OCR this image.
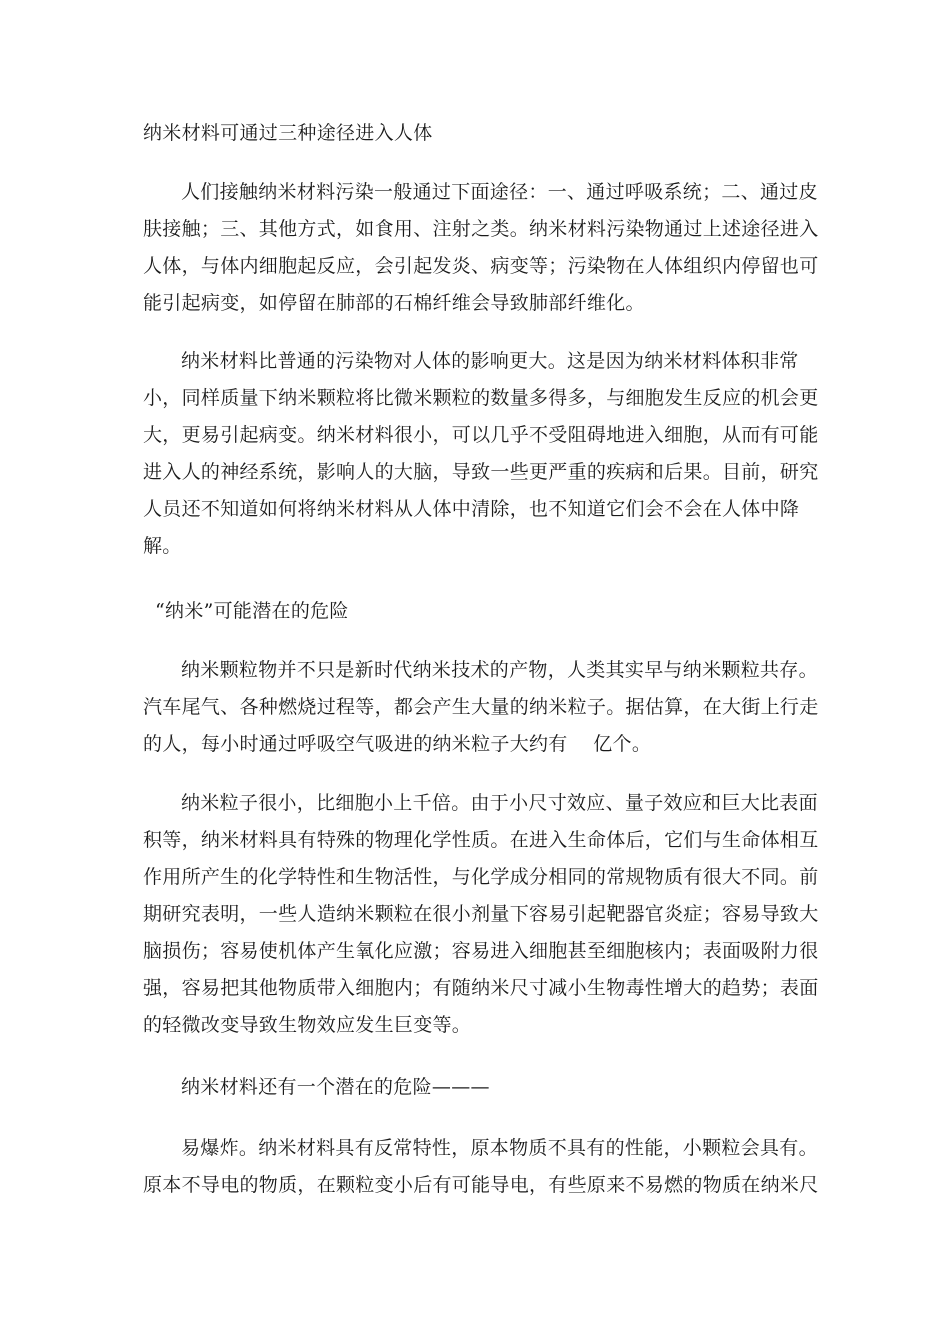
纳米材料可通过三种途径进入人体
人们接触纳米材料污染一般通过下面途径：一、通过呼吸系统；二、通过皮
肤接触；三、其他方式，如食用、注射之类。纳米材料污染物通过上述途径进入
人体，与体内细胞起反应，会引起发炎、病变等；污染物在人体组织内停留也可
能引起病变，如停留在肺部的石棉纤维会导致肺部纤维化。
纳米材料比普通的污染物对人体的影响更大。这是因为纳米材料体积非常
小，同样质量下纳米颗粒将比微米颗粒的数量多得多，与细胞发生反应的机会更
大，更易引起病变。纳米材料很小，可以几乎不受阻碍地进入细胞，从而有可能
进入人的神经系统，影响人的大脑，导致一些更严重的疾病和后果。目前，研究
人员还不知道如何将纳米材料从人体中清除，也不知道它们会不会在人体中降
解。
“纳米”可能潜在的危险
纳米颗粒物并不只是新时代纳米技术的产物，人类其实早与纳米颗粒共存。
汽车尾气、各种燃烧过程等，都会产生大量的纳米粒子。据估算，在大街上行走
的人，每小时通过呼吸空气吸进的纳米粒子大约有　 亿个。
纳米粒子很小，比细胞小上千倍。由于小尺寸效应、量子效应和巨大比表面
积等，纳米材料具有特殊的物理化学性质。在进入生命体后，它们与生命体相互
作用所产生的化学特性和生物活性，与化学成分相同的常规物质有很大不同。前
期研究表明，一些人造纳米颗粒在很小剂量下容易引起靶器官炎症；容易导致大
脑损伤；容易使机体产生氧化应激；容易进入细胞甚至细胞核内；表面吸附力很
强，容易把其他物质带入细胞内；有随纳米尺寸减小生物毒性增大的趋势；表面
的轻微改变导致生物效应发生巨变等。
纳米材料还有一个潜在的危险———
易爆炸。纳米材料具有反常特性，原本物质不具有的性能，小颗粒会具有。
原本不导电的物质，在颗粒变小后有可能导电，有些原来不易燃的物质在纳米尺
